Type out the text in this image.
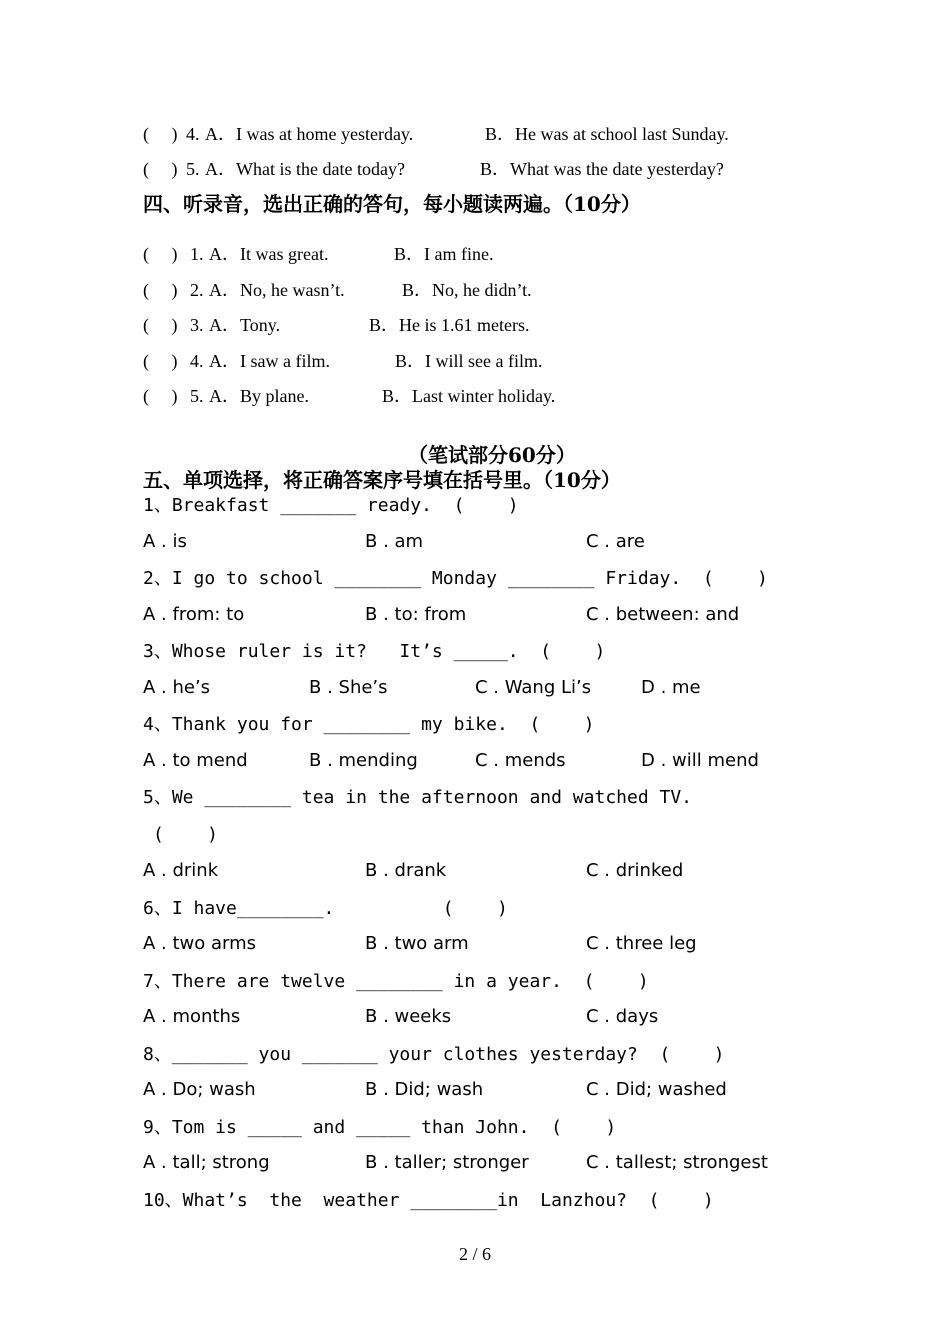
(     ) 4. A．I was at home yesterday.	B．He was at school last Sunday.
(     ) 5. A．What is the date today?	B．What was the date yesterday?
四、听录音，选出正确的答句，每小题读两遍。（10分）
(     ) 1. A．It was great.	B．I am fine.
(     ) 2. A．No, he wasn’t.	B．No, he didn’t.
(     ) 3. A．Tony.	B．He is 1.61 meters.
(     ) 4. A．I saw a film.	B．I will see a film.
(     ) 5. A．By plane.	B．Last winter holiday.
（笔试部分60分）
五、单项选择，将正确答案序号填在括号里。（10分）
1、Breakfast _______ ready.  (    )
A . is	B . am	C . are
2、I go to school ________ Monday ________ Friday.  (    )
A . from: to	B . to: from	C . between: and
3、Whose ruler is it?   It’s _____.  (    )
A . he’s	B . She’s	C . Wang Li’s	D . me
4、Thank you for ________ my bike.  (    )
A . to mend	B . mending	C . mends	D . will mend
5、We ________ tea in the afternoon and watched TV.
(    )
A . drink	B . drank	C . drinked
6、I have________.          (    )
A . two arms	B . two arm	C . three leg
7、There are twelve ________ in a year.  (    )
A . months	B . weeks	C . days
8、_______ you _______ your clothes yesterday?  (    )
A . Do; wash	B . Did; wash	C . Did; washed
9、Tom is _____ and _____ than John.  (    )
A . tall; strong	B . taller; stronger	C . tallest; strongest
10、What’s  the  weather ________in  Lanzhou?  (    )
2 / 6
